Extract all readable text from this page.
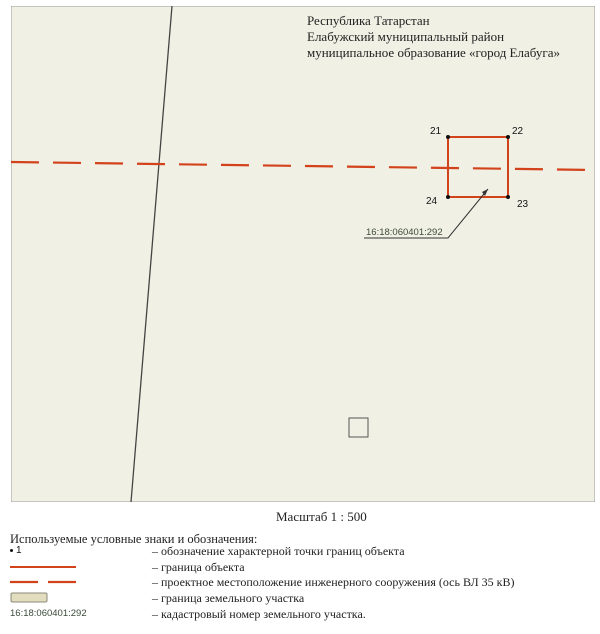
21	22
23
24
16:18:060401:292
Республика Татарстан
Елабужский муниципальный район
муниципальное образование «город Елабуга»
Масштаб 1 : 500
Используемые условные знаки и обозначения:
1	– обозначение характерной точки границ объекта
– граница объекта
– проектное местоположение инженерного сооружения (ось ВЛ 35 кВ)
– граница земельного участка
16:18:060401:292	– кадастровый номер земельного участка.
